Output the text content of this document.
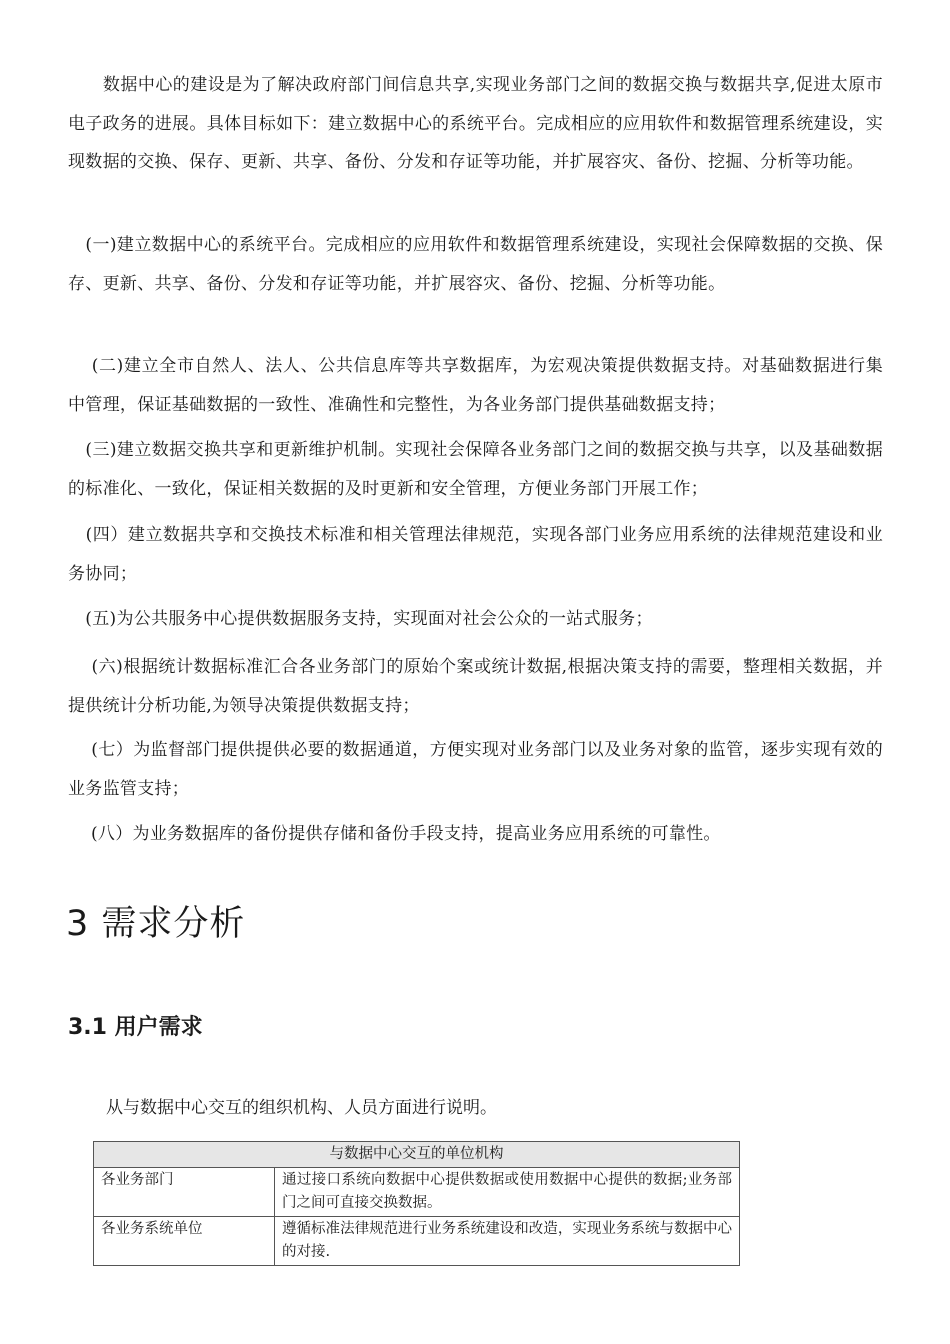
　　数据中心的建设是为了解决政府部门间信息共享,实现业务部门之间的数据交换与数据共享,促进太原市电子政务的进展。具体目标如下：建立数据中心的系统平台。完成相应的应用软件和数据管理系统建设，实现数据的交换、保存、更新、共享、备份、分发和存证等功能，并扩展容灾、备份、挖掘、分析等功能。

　(一)建立数据中心的系统平台。完成相应的应用软件和数据管理系统建设，实现社会保障数据的交换、保存、更新、共享、备份、分发和存证等功能，并扩展容灾、备份、挖掘、分析等功能。

　 (二)建立全市自然人、法人、公共信息库等共享数据库，为宏观决策提供数据支持。对基础数据进行集中管理，保证基础数据的一致性、准确性和完整性，为各业务部门提供基础数据支持；

　(三)建立数据交换共享和更新维护机制。实现社会保障各业务部门之间的数据交换与共享，以及基础数据的标准化、一致化，保证相关数据的及时更新和安全管理，方便业务部门开展工作；

　(四）建立数据共享和交换技术标准和相关管理法律规范，实现各部门业务应用系统的法律规范建设和业务协同；

　(五)为公共服务中心提供数据服务支持，实现面对社会公众的一站式服务；

　 (六)根据统计数据标准汇合各业务部门的原始个案或统计数据,根据决策支持的需要，整理相关数据，并提供统计分析功能,为领导决策提供数据支持；

　 (七）为监督部门提供提供必要的数据通道，方便实现对业务部门以及业务对象的监管，逐步实现有效的业务监管支持；

　 (八）为业务数据库的备份提供存储和备份手段支持，提高业务应用系统的可靠性。

3 需求分析
3.1 用户需求
从与数据中心交互的组织机构、人员方面进行说明。
与数据中心交互的单位机构	
各业务部门	通过接口系统向数据中心提供数据或使用数据中心提供的数据;业务部门之间可直接交换数据。
各业务系统单位	遵循标准法律规范进行业务系统建设和改造，实现业务系统与数据中心的对接.
